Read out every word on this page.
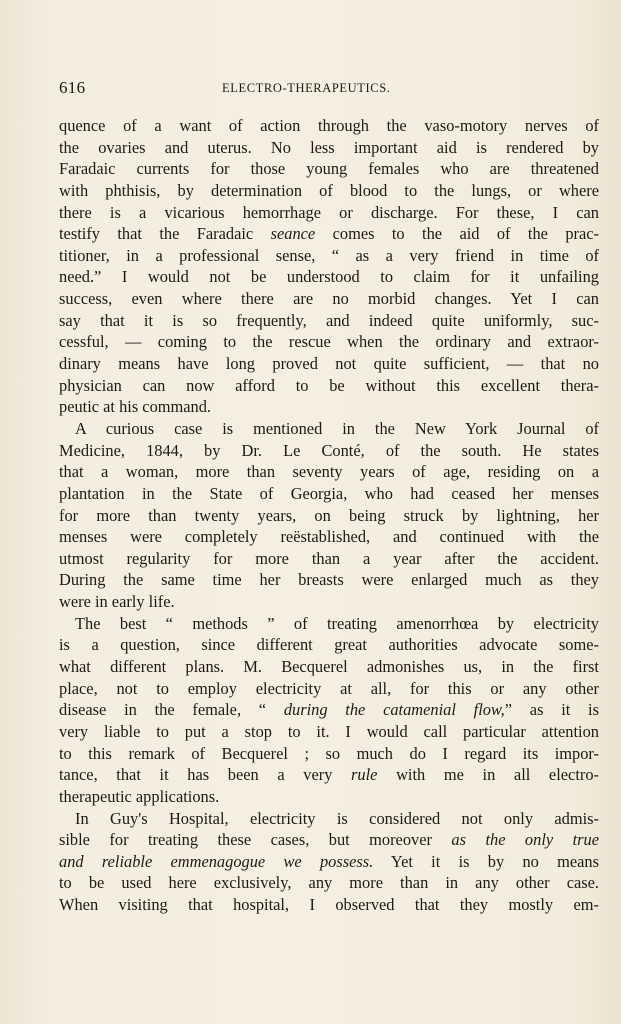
616	ELECTRO-THERAPEUTICS.
quence of a want of action through the vaso-motory nerves of
the ovaries and uterus. No less important aid is rendered by
Faradaic currents for those young females who are threatened
with phthisis, by determination of blood to the lungs, or where
there is a vicarious hemorrhage or discharge. For these, I can
testify that the Faradaic seance comes to the aid of the prac-
titioner, in a professional sense, “ as a very friend in time of
need.” I would not be understood to claim for it unfailing
success, even where there are no morbid changes. Yet I can
say that it is so frequently, and indeed quite uniformly, suc-
cessful, — coming to the rescue when the ordinary and extraor-
dinary means have long proved not quite sufficient, — that no
physician can now afford to be without this excellent thera-
peutic at his command.
A curious case is mentioned in the New York Journal of
Medicine, 1844, by Dr. Le Conté, of the south. He states
that a woman, more than seventy years of age, residing on a
plantation in the State of Georgia, who had ceased her menses
for more than twenty years, on being struck by lightning, her
menses were completely reëstablished, and continued with the
utmost regularity for more than a year after the accident.
During the same time her breasts were enlarged much as they
were in early life.
The best “ methods ” of treating amenorrhœa by electricity
is a question, since different great authorities advocate some-
what different plans. M. Becquerel admonishes us, in the first
place, not to employ electricity at all, for this or any other
disease in the female, “ during the catamenial flow,” as it is
very liable to put a stop to it. I would call particular attention
to this remark of Becquerel ; so much do I regard its impor-
tance, that it has been a very rule with me in all electro-
therapeutic applications.
In Guy's Hospital, electricity is considered not only admis-
sible for treating these cases, but moreover as the only true
and reliable emmenagogue we possess. Yet it is by no means
to be used here exclusively, any more than in any other case.
When visiting that hospital, I observed that they mostly em-
